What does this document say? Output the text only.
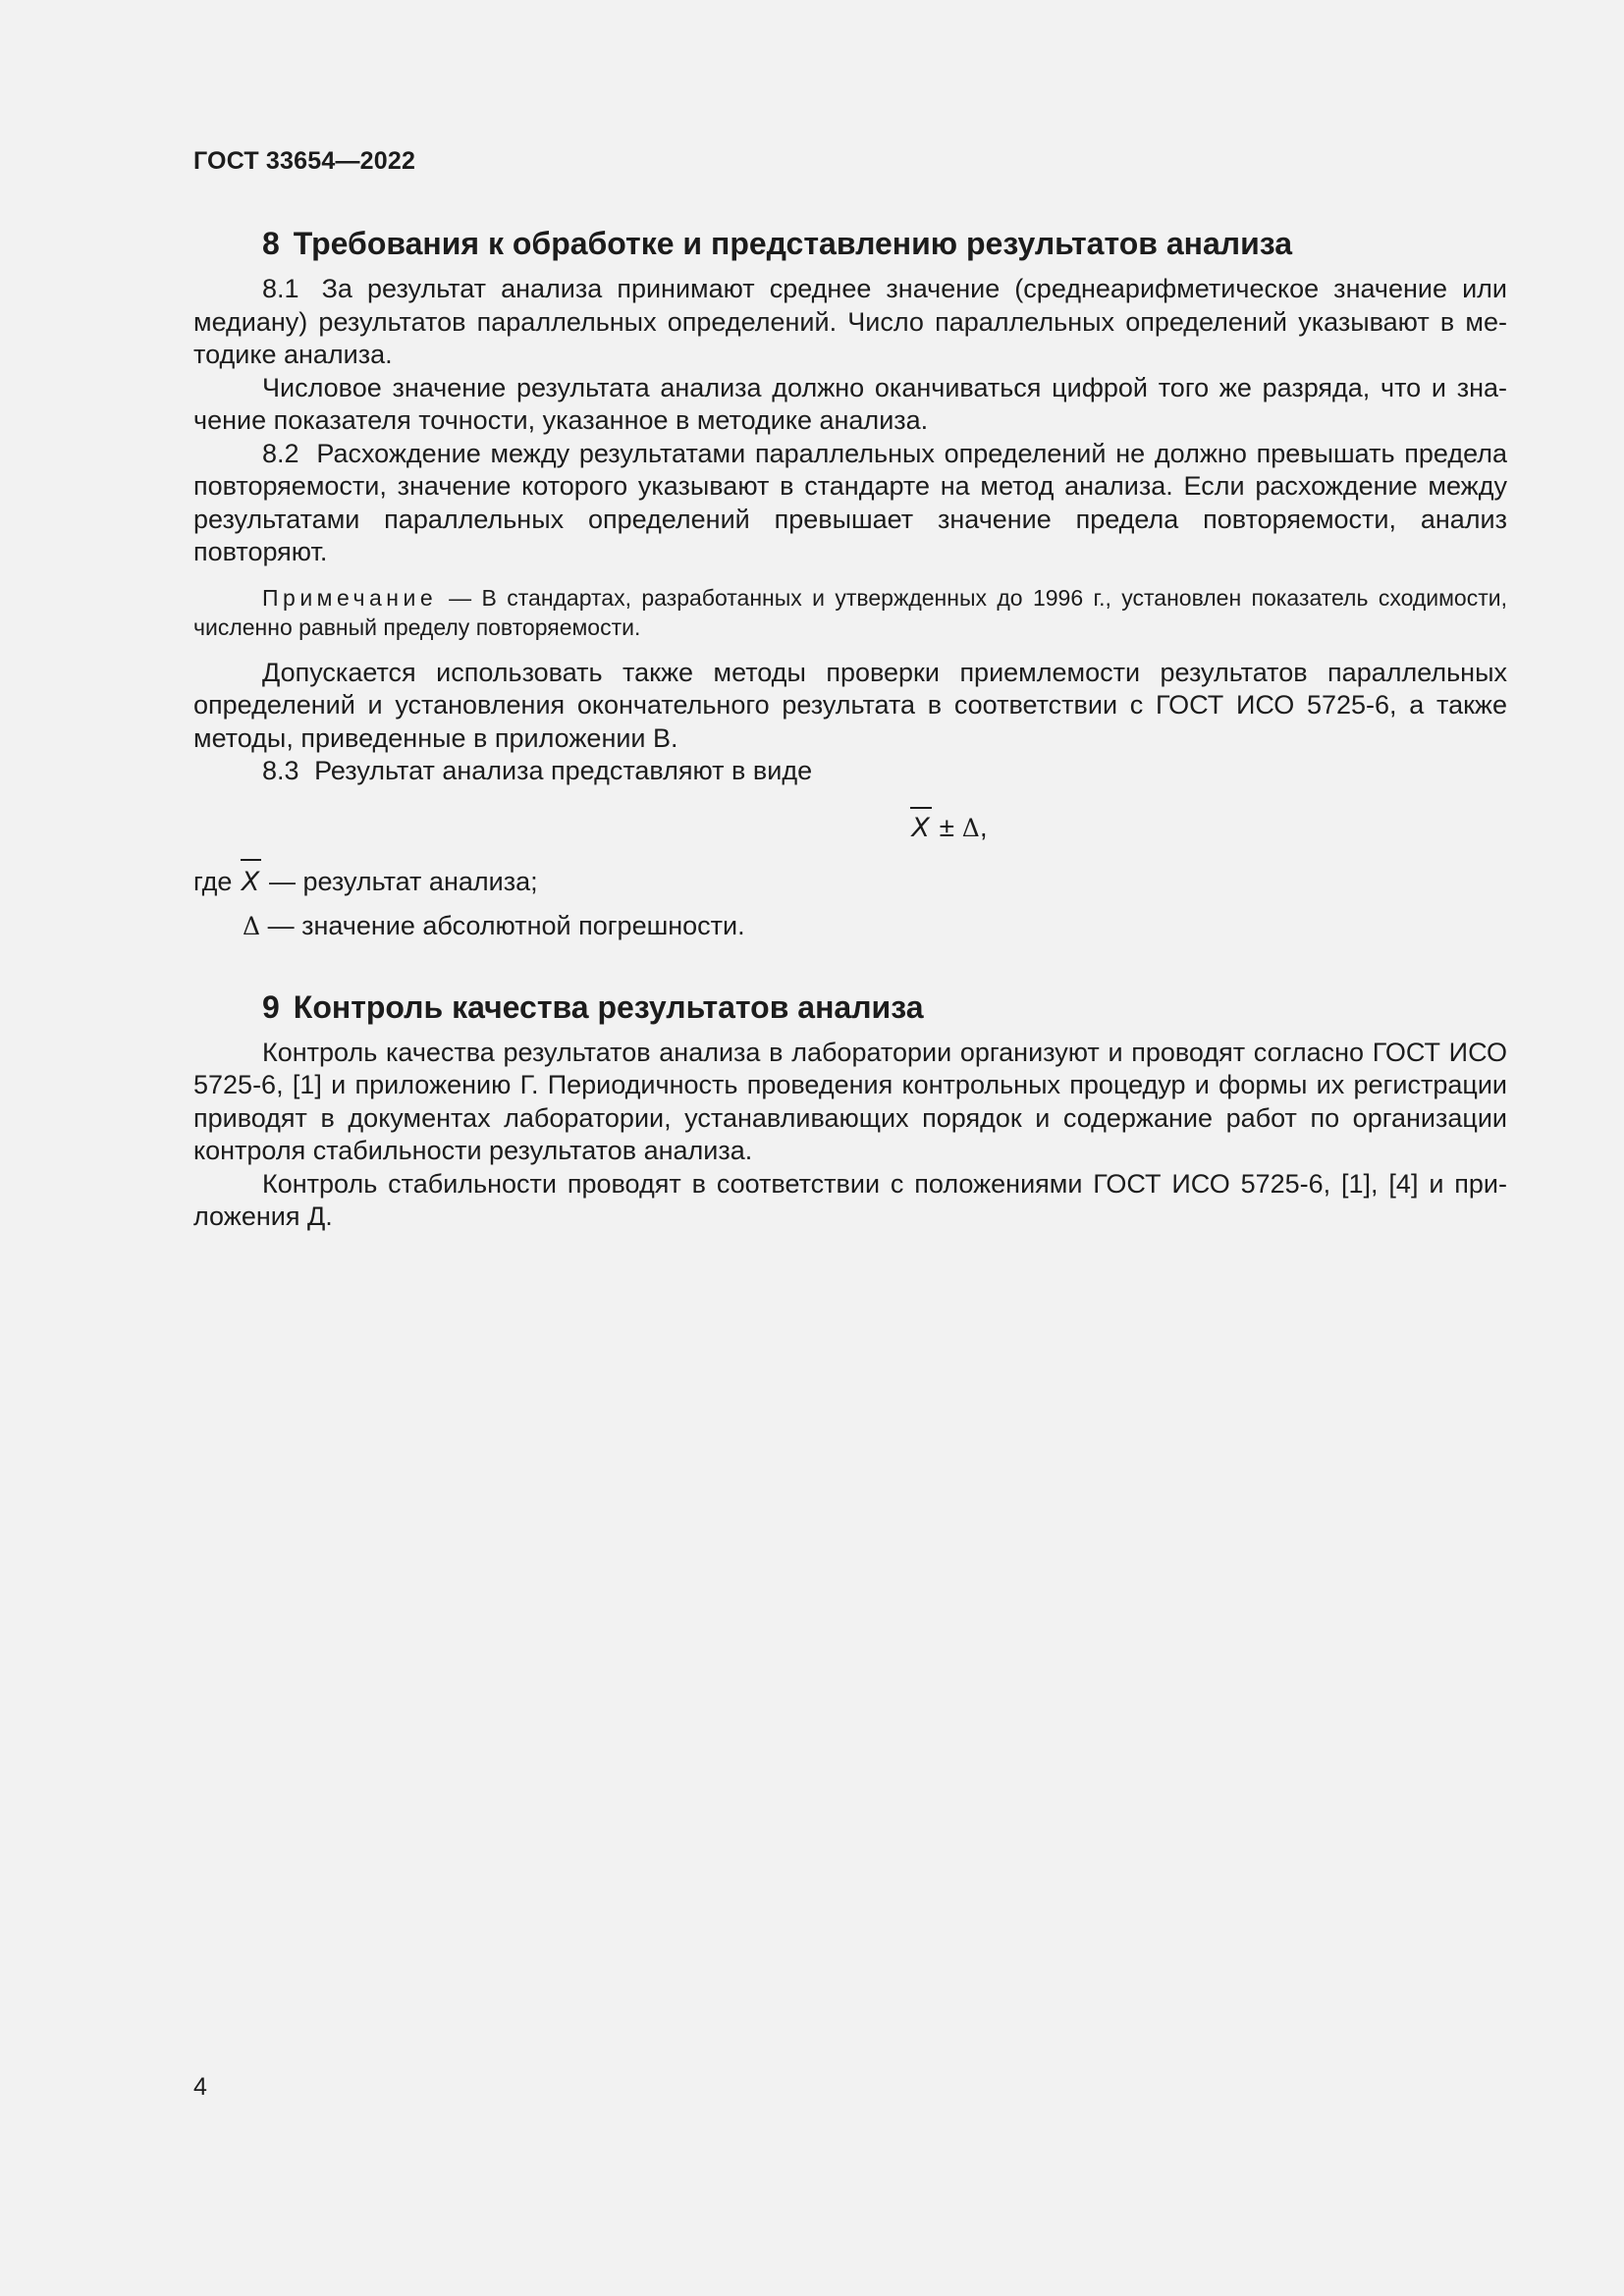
ГОСТ 33654—2022
8 Требования к обработке и представлению результатов анализа

8.1 За результат анализа принимают среднее значение (среднеарифметическое значение или медиану) результатов параллельных определений. Число параллельных определений указывают в методике анализа.

Числовое значение результата анализа должно оканчиваться цифрой того же разряда, что и значение показателя точности, указанное в методике анализа.

8.2 Расхождение между результатами параллельных определений не должно превышать предела повторяемости, значение которого указывают в стандарте на метод анализа. Если расхождение между результатами параллельных определений превышает значение предела повторяемости, анализ повторяют.

Примечание — В стандартах, разработанных и утвержденных до 1996 г., установлен показатель сходимости, численно равный пределу повторяемости.

Допускается использовать также методы проверки приемлемости результатов параллельных определений и установления окончательного результата в соответствии с ГОСТ ИСО 5725-6, а также методы, приведенные в приложении В.

8.3 Результат анализа представляют в виде

X ± Δ,
где X — результат анализа;
Δ — значение абсолютной погрешности.
9 Контроль качества результатов анализа

Контроль качества результатов анализа в лаборатории организуют и проводят согласно ГОСТ ИСО 5725-6, [1] и приложению Г. Периодичность проведения контрольных процедур и формы их регистрации приводят в документах лаборатории, устанавливающих порядок и содержание работ по организации контроля стабильности результатов анализа.

Контроль стабильности проводят в соответствии с положениями ГОСТ ИСО 5725-6, [1], [4] и приложения Д.

4
